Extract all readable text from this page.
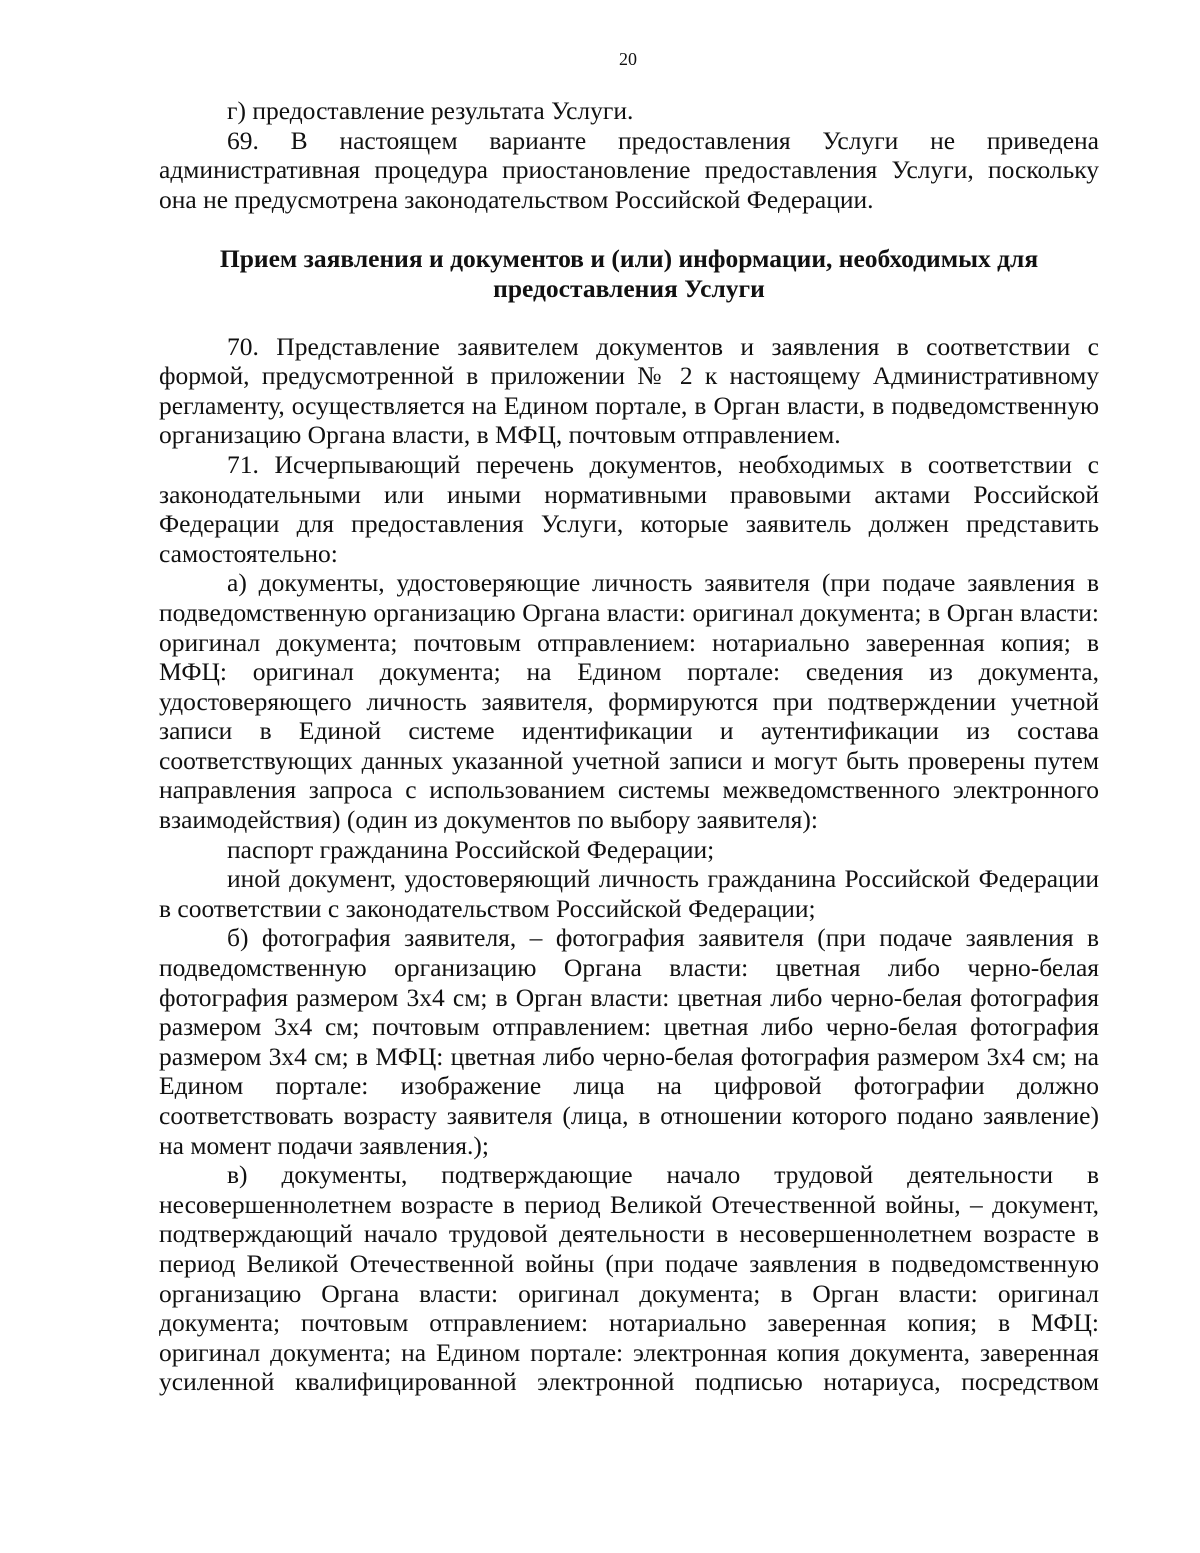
20

г) предоставление результата Услуги.

69. В настоящем варианте предоставления Услуги не приведена административная процедура приостановление предоставления Услуги, поскольку она не предусмотрена законодательством Российской Федерации.

Прием заявления и документов и (или) информации, необходимых для предоставления Услуги

70. Представление заявителем документов и заявления в соответствии с формой, предусмотренной в приложении № 2 к настоящему Административному регламенту, осуществляется на Едином портале, в Орган власти, в подведомственную организацию Органа власти, в МФЦ, почтовым отправлением.

71. Исчерпывающий перечень документов, необходимых в соответствии с законодательными или иными нормативными правовыми актами Российской Федерации для предоставления Услуги, которые заявитель должен представить самостоятельно:

а) документы, удостоверяющие личность заявителя (при подаче заявления в подведомственную организацию Органа власти: оригинал документа; в Орган власти: оригинал документа; почтовым отправлением: нотариально заверенная копия; в МФЦ: оригинал документа; на Едином портале: сведения из документа, удостоверяющего личность заявителя, формируются при подтверждении учетной записи в Единой системе идентификации и аутентификации из состава соответствующих данных указанной учетной записи и могут быть проверены путем направления запроса с использованием системы межведомственного электронного взаимодействия) (один из документов по выбору заявителя):

паспорт гражданина Российской Федерации;

иной документ, удостоверяющий личность гражданина Российской Федерации в соответствии с законодательством Российской Федерации;

б) фотография заявителя, – фотография заявителя (при подаче заявления в подведомственную организацию Органа власти: цветная либо черно-белая фотография размером 3х4 см; в Орган власти: цветная либо черно-белая фотография размером 3х4 см; почтовым отправлением: цветная либо черно-белая фотография размером 3х4 см; в МФЦ: цветная либо черно-белая фотография размером 3х4 см; на Едином портале: изображение лица на цифровой фотографии должно соответствовать возрасту заявителя (лица, в отношении которого подано заявление) на момент подачи заявления.);

в) документы, подтверждающие начало трудовой деятельности в несовершеннолетнем возрасте в период Великой Отечественной войны, – документ, подтверждающий начало трудовой деятельности в несовершеннолетнем возрасте в период Великой Отечественной войны (при подаче заявления в подведомственную организацию Органа власти: оригинал документа; в Орган власти: оригинал документа; почтовым отправлением: нотариально заверенная копия; в МФЦ: оригинал документа; на Едином портале: электронная копия документа, заверенная усиленной квалифицированной электронной подписью нотариуса, посредством
